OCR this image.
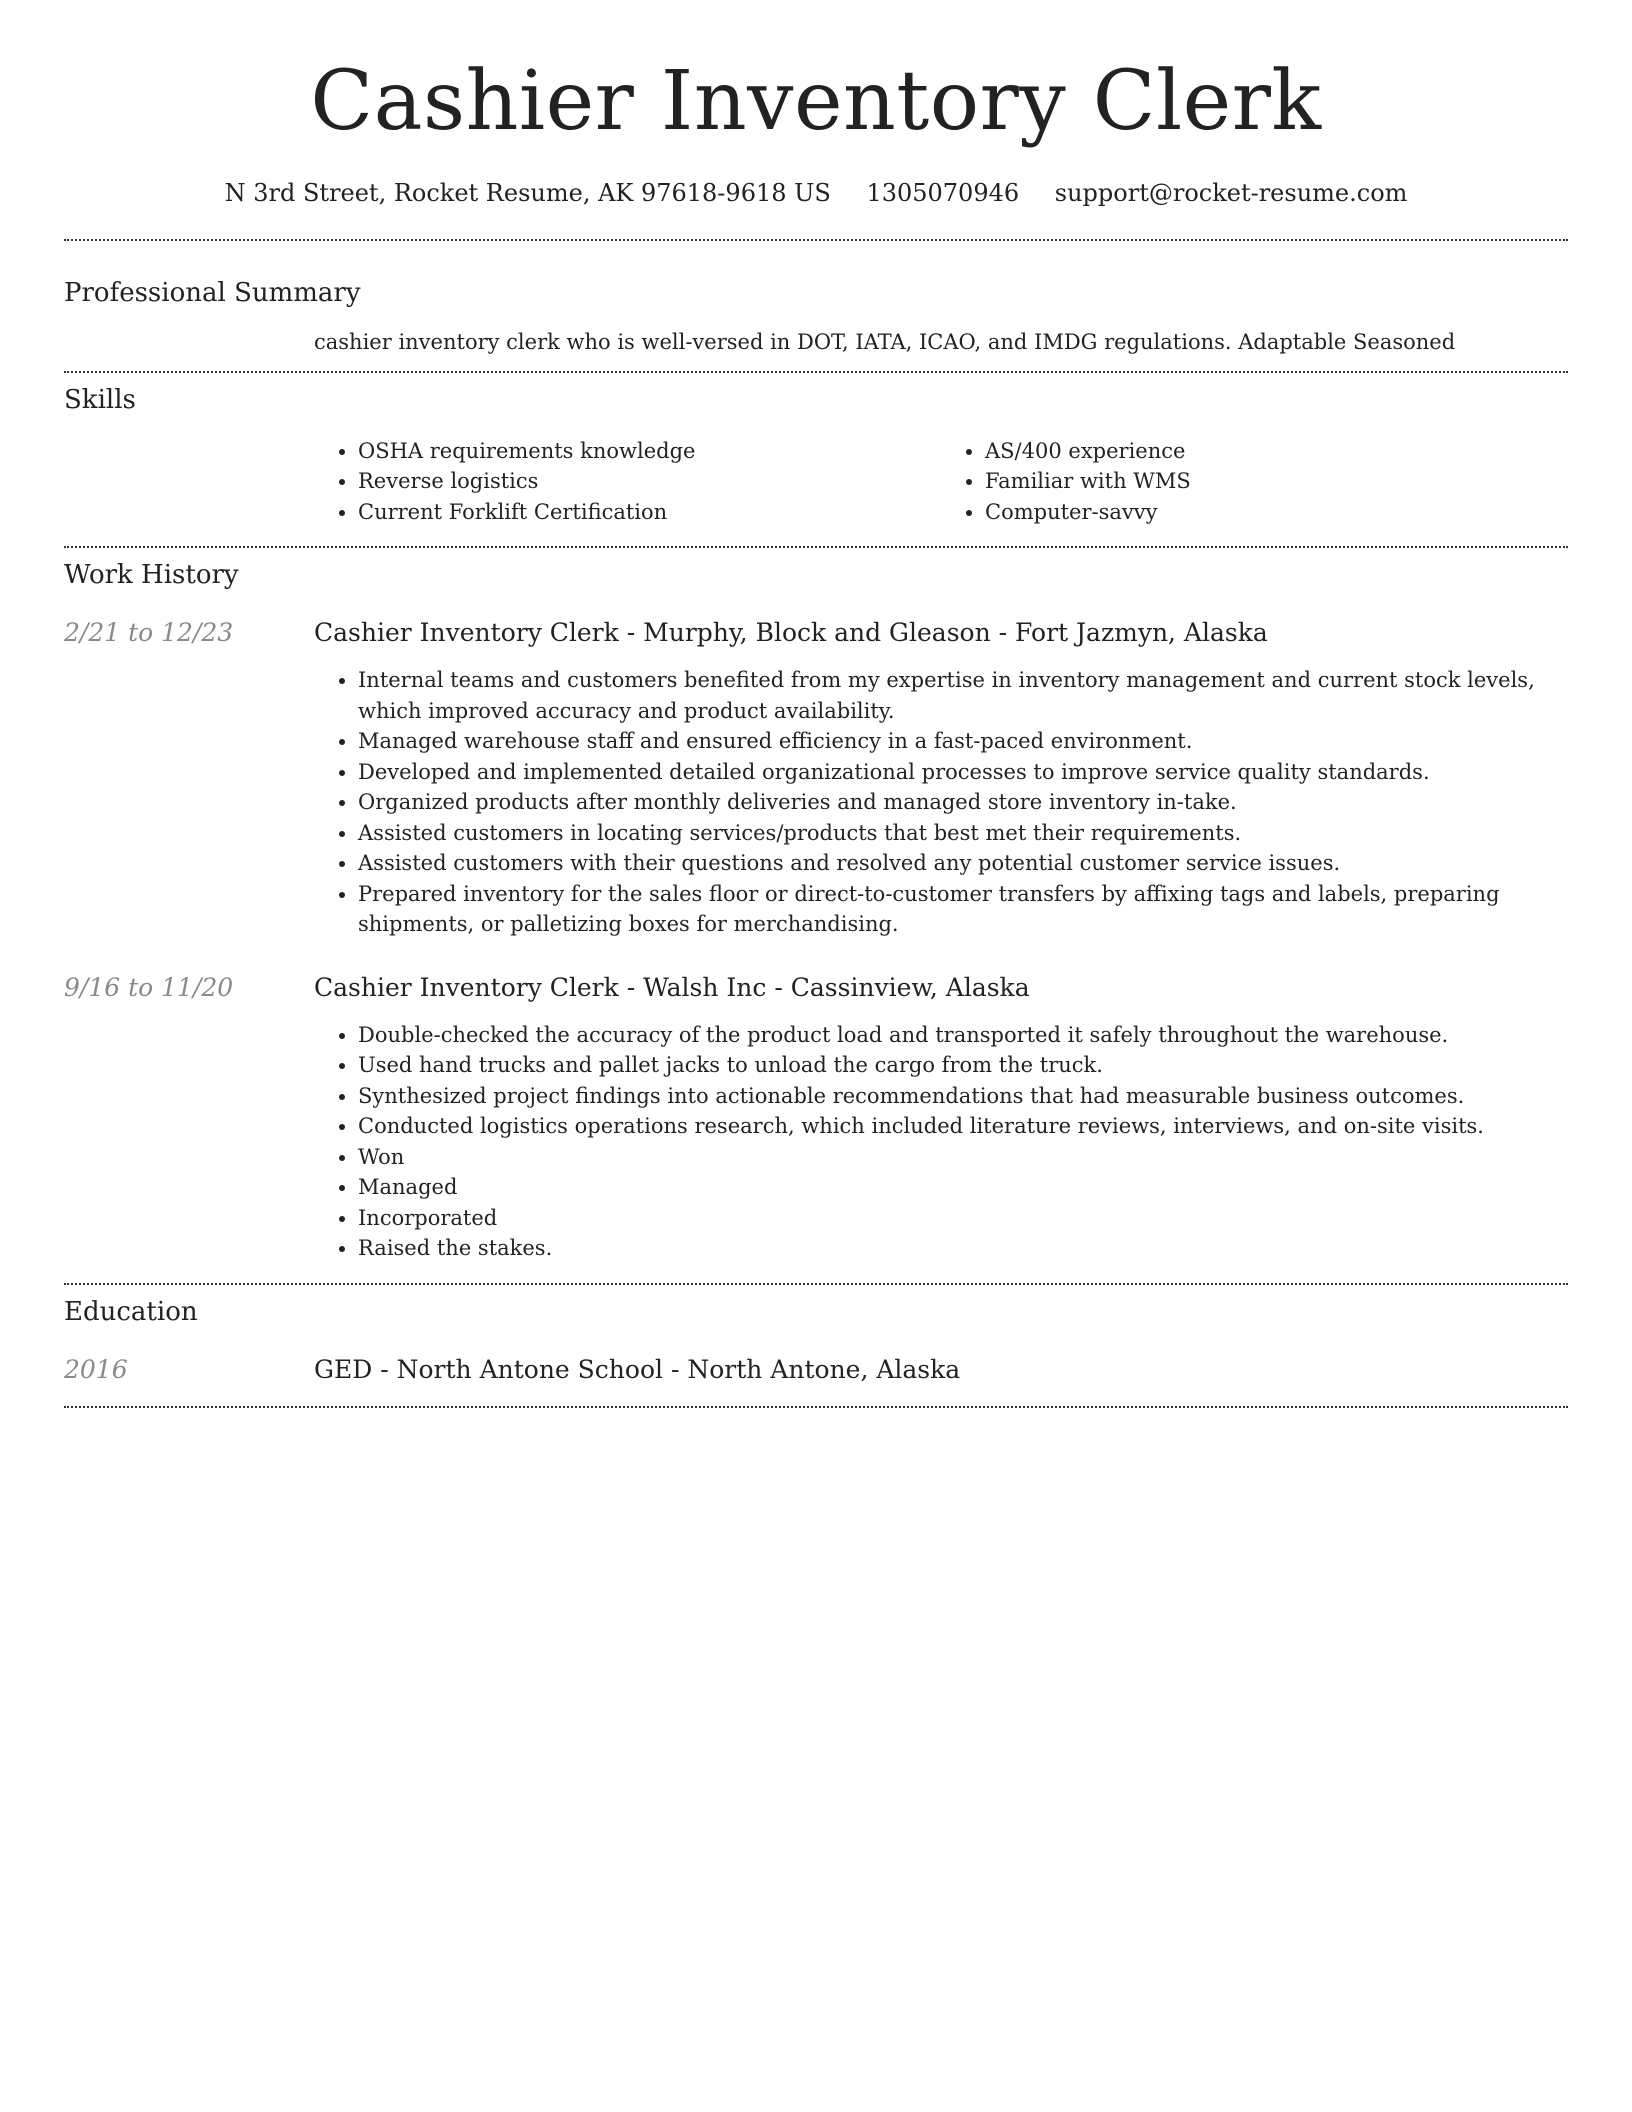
Cashier Inventory Clerk
N 3rd Street, Rocket Resume, AK 97618-9618 US 1305070946 support@rocket-resume.com
Professional Summary
cashier inventory clerk who is well-versed in DOT, IATA, ICAO, and IMDG regulations. Adaptable Seasoned
Skills
• OSHA requirements knowledge
• Reverse logistics
• Current Forklift Certification
• AS/400 experience
• Familiar with WMS
• Computer-savvy
Work History
2/21 to 12/23	Cashier Inventory Clerk - Murphy, Block and Gleason - Fort Jazmyn, Alaska
• Internal teams and customers benefited from my expertise in inventory management and current stock levels, which improved accuracy and product availability.
• Managed warehouse staff and ensured efficiency in a fast-paced environment.
• Developed and implemented detailed organizational processes to improve service quality standards.
• Organized products after monthly deliveries and managed store inventory in-take.
• Assisted customers in locating services/products that best met their requirements.
• Assisted customers with their questions and resolved any potential customer service issues.
• Prepared inventory for the sales floor or direct-to-customer transfers by affixing tags and labels, preparing shipments, or palletizing boxes for merchandising.
9/16 to 11/20	Cashier Inventory Clerk - Walsh Inc - Cassinview, Alaska
• Double-checked the accuracy of the product load and transported it safely throughout the warehouse.
• Used hand trucks and pallet jacks to unload the cargo from the truck.
• Synthesized project findings into actionable recommendations that had measurable business outcomes.
• Conducted logistics operations research, which included literature reviews, interviews, and on-site visits.
• Won
• Managed
• Incorporated
• Raised the stakes.
Education
2016	GED - North Antone School - North Antone, Alaska
